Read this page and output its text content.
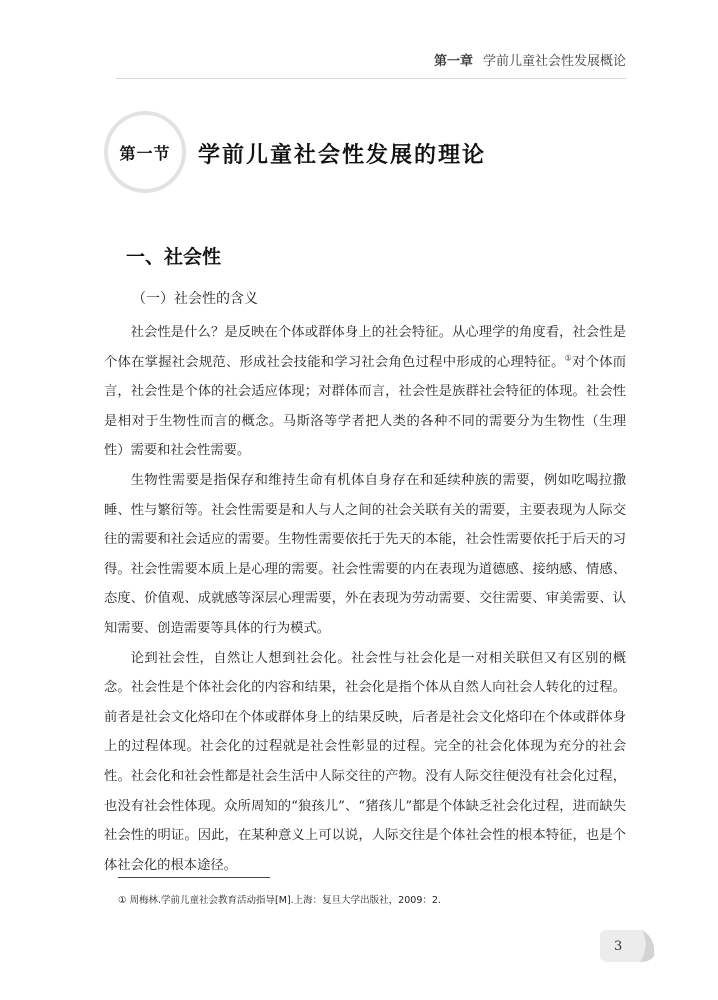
第一章 学前儿童社会性发展概论
第一节 学前儿童社会性发展的理论
一、社会性
（一）社会性的含义

社会性是什么？是反映在个体或群体身上的社会特征。从心理学的角度看，社会性是个体在掌握社会规范、形成社会技能和学习社会角色过程中形成的心理特征。①对个体而言，社会性是个体的社会适应体现；对群体而言，社会性是族群社会特征的体现。社会性是相对于生物性而言的概念。马斯洛等学者把人类的各种不同的需要分为生物性（生理性）需要和社会性需要。

生物性需要是指保存和维持生命有机体自身存在和延续种族的需要，例如吃喝拉撒睡、性与繁衍等。社会性需要是和人与人之间的社会关联有关的需要，主要表现为人际交往的需要和社会适应的需要。生物性需要依托于先天的本能，社会性需要依托于后天的习得。社会性需要本质上是心理的需要。社会性需要的内在表现为道德感、接纳感、情感、态度、价值观、成就感等深层心理需要，外在表现为劳动需要、交往需要、审美需要、认知需要、创造需要等具体的行为模式。

论到社会性，自然让人想到社会化。社会性与社会化是一对相关联但又有区别的概念。社会性是个体社会化的内容和结果，社会化是指个体从自然人向社会人转化的过程。前者是社会文化烙印在个体或群体身上的结果反映，后者是社会文化烙印在个体或群体身上的过程体现。社会化的过程就是社会性彰显的过程。完全的社会化体现为充分的社会性。社会化和社会性都是社会生活中人际交往的产物。没有人际交往便没有社会化过程，也没有社会性体现。众所周知的“狼孩儿”、“猪孩儿”都是个体缺乏社会化过程，进而缺失社会性的明证。因此，在某种意义上可以说，人际交往是个体社会性的根本特征，也是个体社会化的根本途径。

① 周梅林.学前儿童社会教育活动指导[M].上海：复旦大学出版社，2009：2.
3
